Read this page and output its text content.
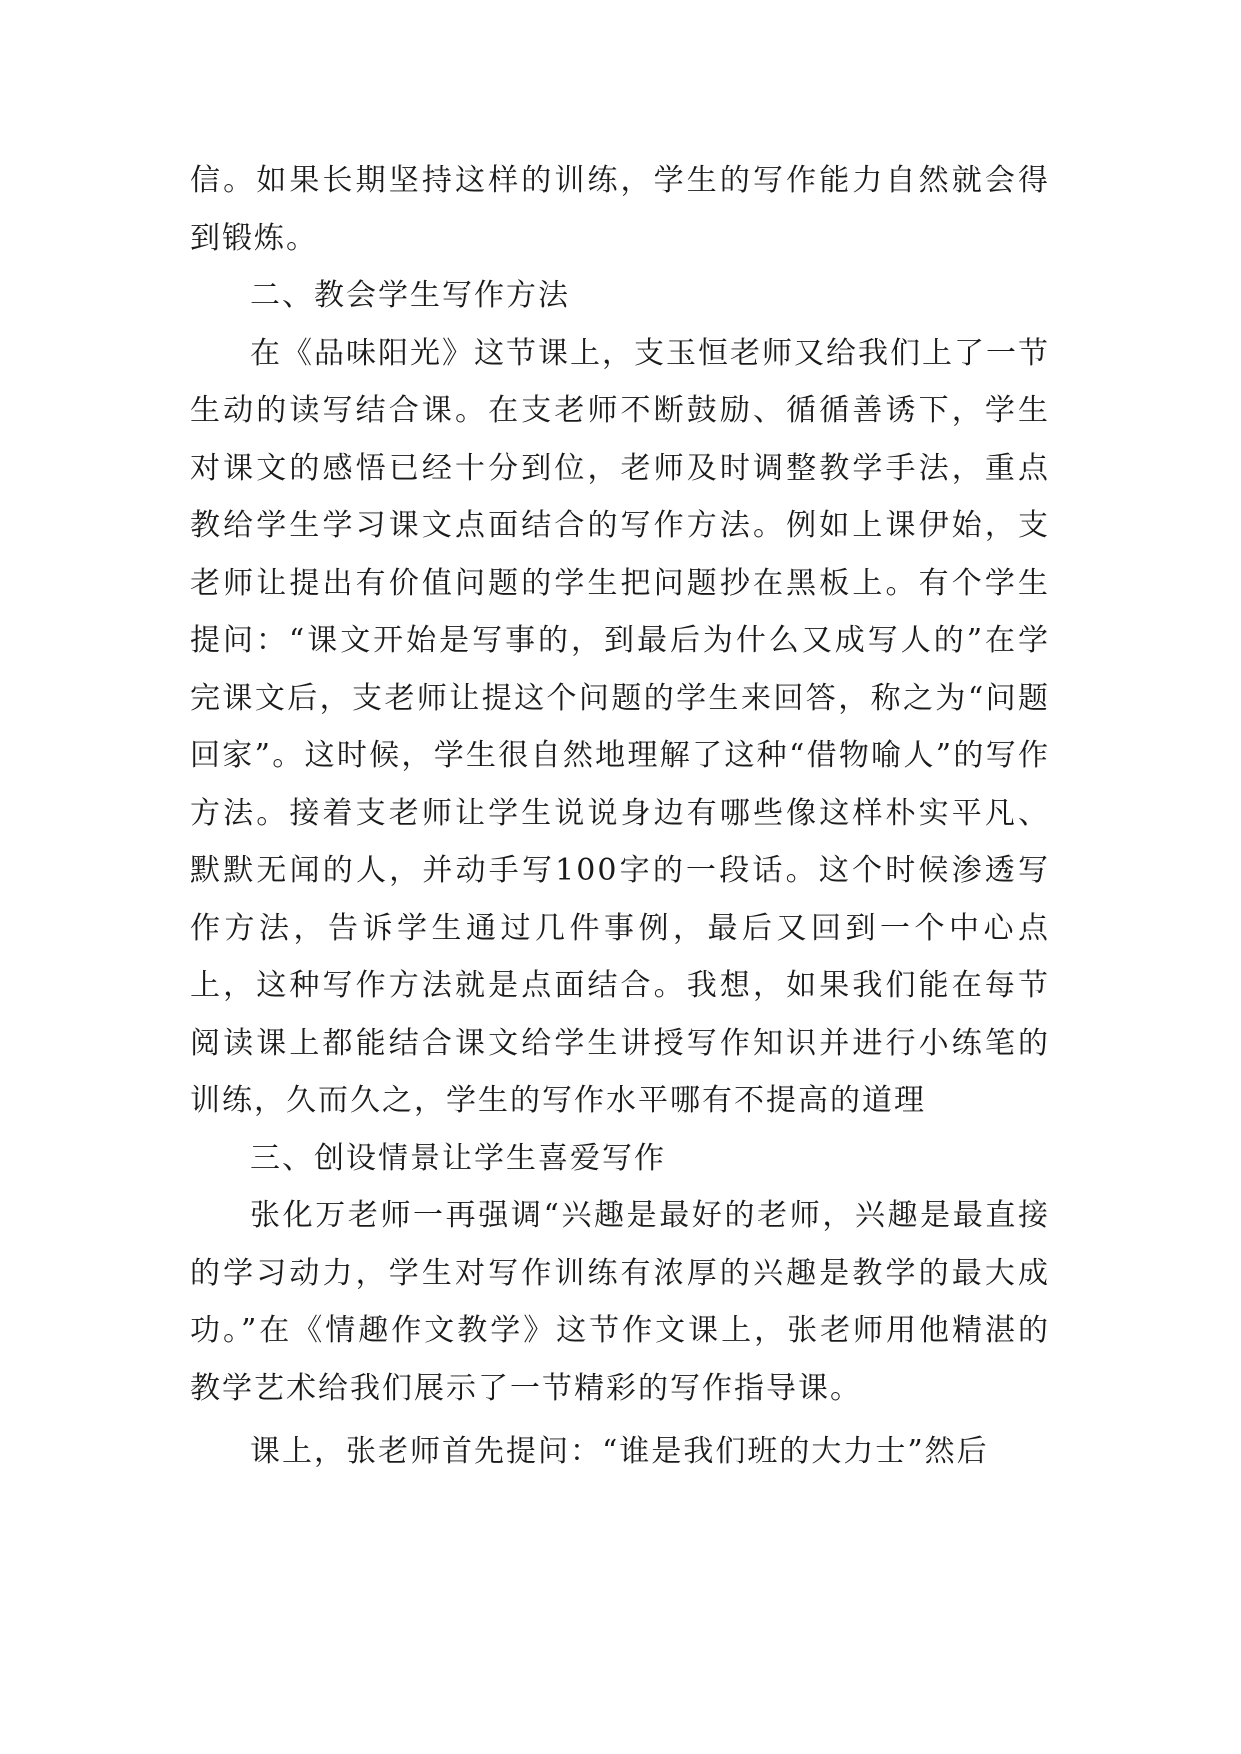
信。如果长期坚持这样的训练，学生的写作能力自然就会得到锻炼。

二、教会学生写作方法

在《品味阳光》这节课上，支玉恒老师又给我们上了一节生动的读写结合课。在支老师不断鼓励、循循善诱下，学生对课文的感悟已经十分到位，老师及时调整教学手法，重点教给学生学习课文点面结合的写作方法。例如上课伊始，支老师让提出有价值问题的学生把问题抄在黑板上。有个学生提问：“课文开始是写事的，到最后为什么又成写人的”在学完课文后，支老师让提这个问题的学生来回答，称之为“问题回家”。这时候，学生很自然地理解了这种“借物喻人”的写作方法。接着支老师让学生说说身边有哪些像这样朴实平凡、默默无闻的人，并动手写100字的一段话。这个时候渗透写作方法，告诉学生通过几件事例，最后又回到一个中心点上，这种写作方法就是点面结合。我想，如果我们能在每节阅读课上都能结合课文给学生讲授写作知识并进行小练笔的训练，久而久之，学生的写作水平哪有不提高的道理

三、创设情景让学生喜爱写作

张化万老师一再强调“兴趣是最好的老师，兴趣是最直接的学习动力，学生对写作训练有浓厚的兴趣是教学的最大成功。”在《情趣作文教学》这节作文课上，张老师用他精湛的教学艺术给我们展示了一节精彩的写作指导课。

课上，张老师首先提问：“谁是我们班的大力士”然后
